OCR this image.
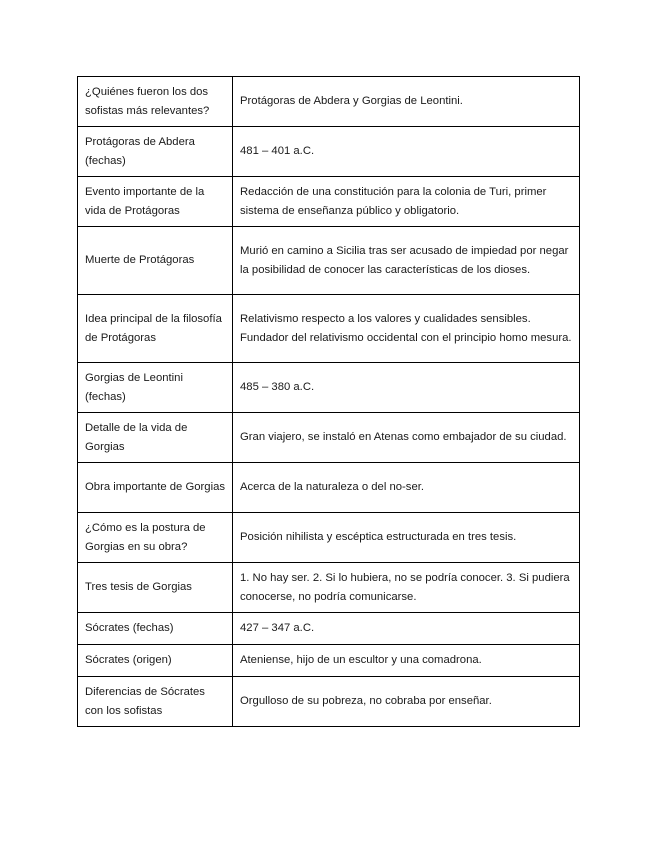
¿Quiénes fueron los dos sofistas más relevantes?	Protágoras de Abdera y Gorgias de Leontini.
Protágoras de Abdera (fechas)	481 – 401 a.C.
Evento importante de la vida de Protágoras	Redacción de una constitución para la colonia de Turi, primer sistema de enseñanza público y obligatorio.
Muerte de Protágoras	Murió en camino a Sicilia tras ser acusado de impiedad por negar la posibilidad de conocer las características de los dioses.
Idea principal de la filosofía de Protágoras	Relativismo respecto a los valores y cualidades sensibles. Fundador del relativismo occidental con el principio homo mesura.
Gorgias de Leontini (fechas)	485 – 380 a.C.
Detalle de la vida de Gorgias	Gran viajero, se instaló en Atenas como embajador de su ciudad.
Obra importante de Gorgias	Acerca de la naturaleza o del no-ser.
¿Cómo es la postura de Gorgias en su obra?	Posición nihilista y escéptica estructurada en tres tesis.
Tres tesis de Gorgias	1. No hay ser. 2. Si lo hubiera, no se podría conocer. 3. Si pudiera conocerse, no podría comunicarse.
Sócrates (fechas)	427 – 347 a.C.
Sócrates (origen)	Ateniense, hijo de un escultor y una comadrona.
Diferencias de Sócrates con los sofistas	Orgulloso de su pobreza, no cobraba por enseñar.
